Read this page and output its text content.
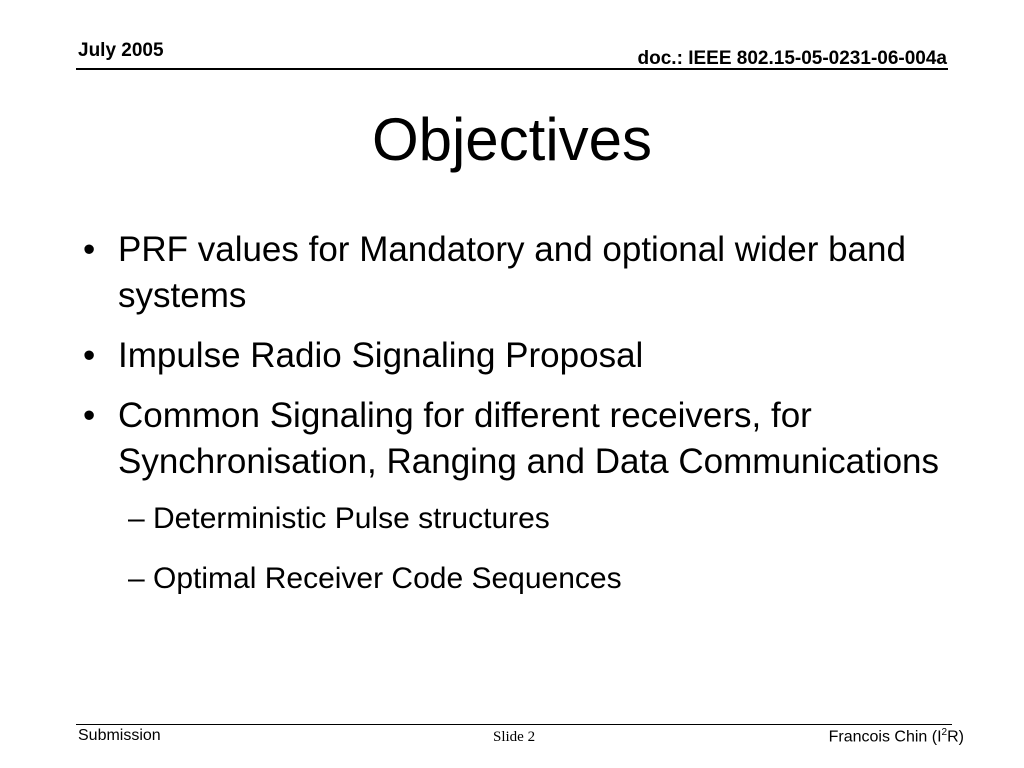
July 2005	doc.: IEEE 802.15-05-0231-06-004a
Objectives
• PRF values for Mandatory and optional wider band systems
• Impulse Radio Signaling Proposal
• Common Signaling for different receivers, for Synchronisation, Ranging and Data Communications
– Deterministic Pulse structures
– Optimal Receiver Code Sequences
Submission	Slide 2	Francois Chin $(I^2R)$
